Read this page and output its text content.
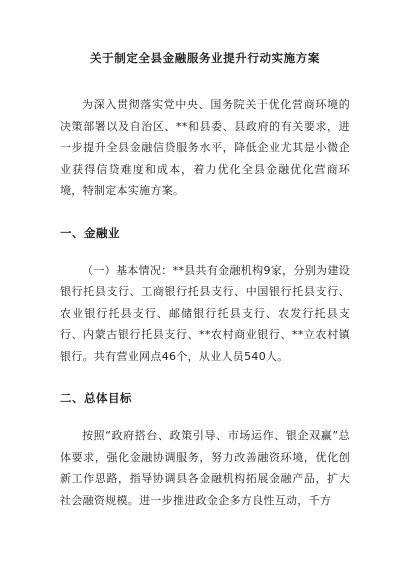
关于制定全县金融服务业提升行动实施方案

为深入贯彻落实党中央、国务院关于优化营商环境的决策部署以及自治区、**和县委、县政府的有关要求，进一步提升全县金融信贷服务水平，降低企业尤其是小微企业获得信贷难度和成本，着力优化全县金融优化营商环境，特制定本实施方案。

一、金融业

（一）基本情况：**县共有金融机构9家，分别为建设银行托县支行、工商银行托县支行、中国银行托县支行、农业银行托县支行、邮储银行托县支行、农发行托县支行、内蒙古银行托县支行、**农村商业银行、**立农村镇银行。共有营业网点46个，从业人员540人。

二、总体目标

按照“政府搭台、政策引导、市场运作、银企双赢”总体要求，强化金融协调服务，努力改善融资环境，优化创新工作思路，指导协调县各金融机构拓展金融产品，扩大社会融资规模。进一步推进政金企多方良性互动，千方
